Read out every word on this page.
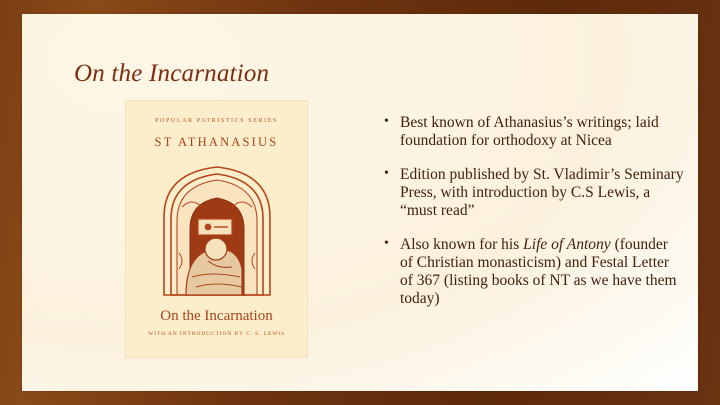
On the Incarnation
POPULAR PATRISTICS SERIES
ST ATHANASIUS
On the Incarnation
WITH AN INTRODUCTION BY C. S. LEWIS
• Best known of Athanasius’s writings; laid foundation for orthodoxy at Nicea
• Edition published by St. Vladimir’s Seminary Press, with introduction by C.S Lewis, a “must read”
• Also known for his Life of Antony (founder of Christian monasticism) and Festal Letter of 367 (listing books of NT as we have them today)
20
